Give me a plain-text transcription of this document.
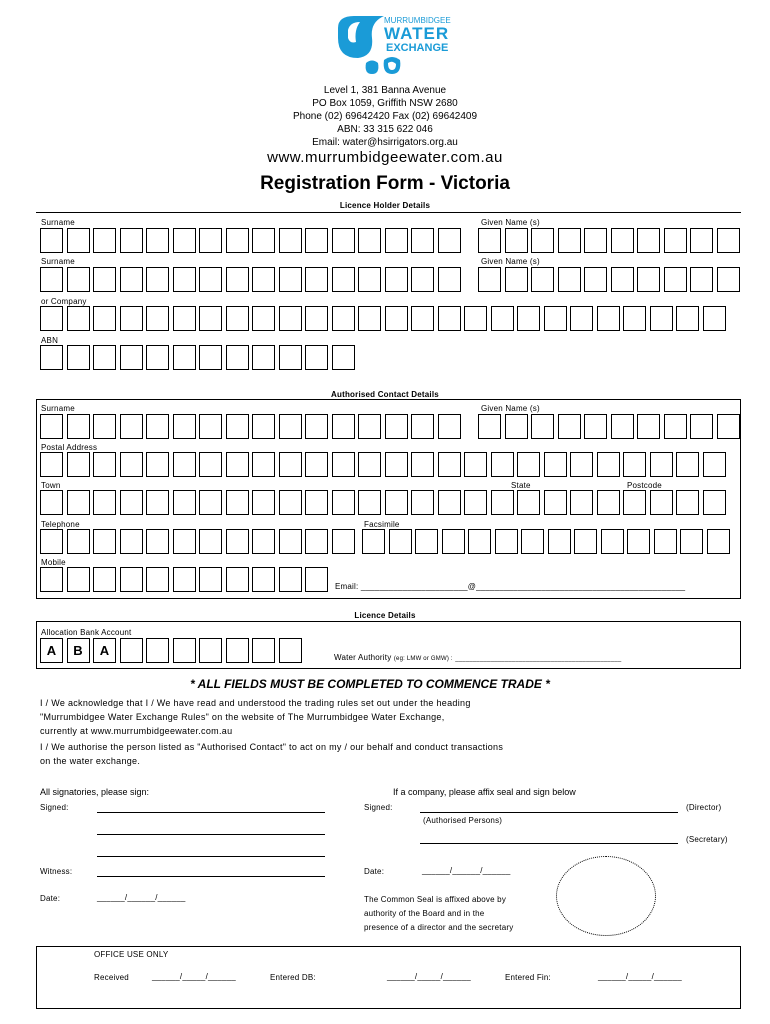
MURRUMBIDGEE
WATER
EXCHANGE
Level 1, 381 Banna Avenue
PO Box 1059, Griffith NSW 2680
Phone (02) 69642420 Fax (02) 69642409
ABN: 33 315 622 046
Email: water@hsirrigators.org.au
www.murrumbidgeewater.com.au
Registration Form - Victoria
Licence Holder Details
Surname	Given Name (s)
Surname	Given Name (s)
or Company
ABN
Authorised Contact Details
Surname	Given Name (s)
Postal Address
Town	State	Postcode
Telephone	Facsimile
Mobile
Email: _______________________@_____________________________________________
Licence Details
Allocation Bank Account
A	B	A	Water Authority (eg: LMW or GMW) : _______________________________________________
* ALL FIELDS MUST BE COMPLETED TO COMMENCE TRADE *
I / We acknowledge that I / We have read and understood the trading rules set out under the heading
"Murrumbidgee Water Exchange Rules" on the website of The Murrumbidgee Water Exchange,
currently at www.murrumbidgeewater.com.au
I / We authorise the person listed as "Authorised Contact" to act on my / our behalf and conduct transactions
on the water exchange.
All signatories, please sign:	If a company, please affix seal and sign below
Signed:	Signed:	(Director)
(Authorised Persons)
(Secretary)
Witness:	Date:	______/______/______
Date:	______/______/______	The Common Seal is affixed above by
authority of the Board and in the
presence of a director and the secretary
OFFICE USE ONLY
Received	______/_____/______	Entered DB:	______/_____/______	Entered Fin:	______/_____/______
